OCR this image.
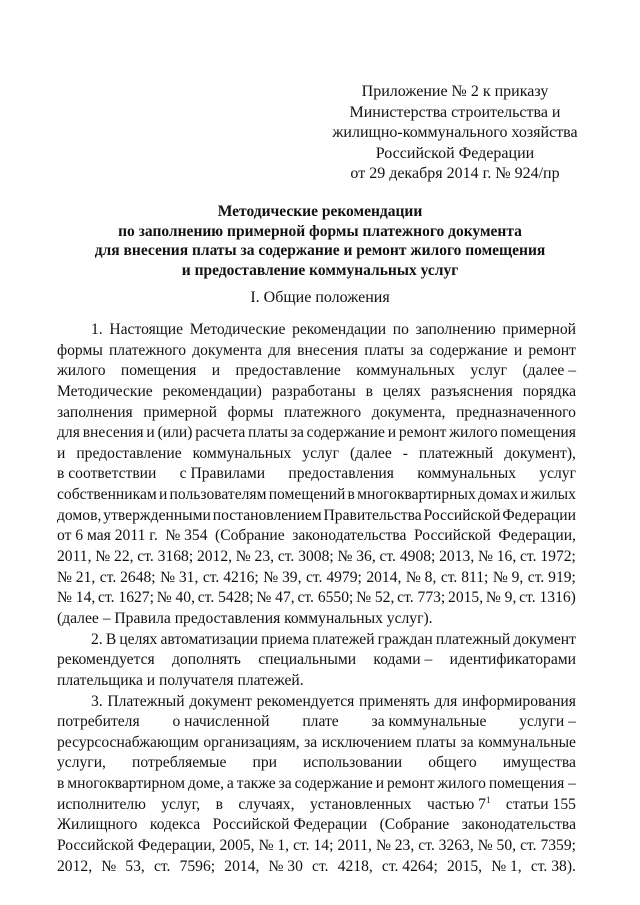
Приложение № 2 к приказу
Министерства строительства и
жилищно-коммунального хозяйства
Российской Федерации
от 29 декабря 2014 г. № 924/пр
Методические рекомендации
по заполнению примерной формы платежного документа
для внесения платы за содержание и ремонт жилого помещения
и предоставление коммунальных услуг
I. Общие положения
1. Настоящие Методические рекомендации по заполнению примерной
формы платежного документа для внесения платы за содержание и ремонт
жилого помещения и предоставление коммунальных услуг (далее –
Методические рекомендации) разработаны в целях разъяснения порядка
заполнения примерной формы платежного документа, предназначенного
для внесения и (или) расчета платы за содержание и ремонт жилого помещения
и предоставление коммунальных услуг (далее - платежный документ),
в соответствии с Правилами предоставления коммунальных услуг
собственникам и пользователям помещений в многоквартирных домах и жилых
домов, утвержденными постановлением Правительства Российской Федерации
от 6 мая 2011 г. № 354 (Собрание законодательства Российской Федерации,
2011, № 22, ст. 3168; 2012, № 23, ст. 3008; № 36, ст. 4908; 2013, № 16, ст. 1972;
№ 21, ст. 2648; № 31, ст. 4216; № 39, ст. 4979; 2014, № 8, ст. 811; № 9, ст. 919;
№ 14, ст. 1627; № 40, ст. 5428; № 47, ст. 6550; № 52, ст. 773; 2015, № 9, ст. 1316)
(далее – Правила предоставления коммунальных услуг).
2. В целях автоматизации приема платежей граждан платежный документ
рекомендуется дополнять специальными кодами – идентификаторами
плательщика и получателя платежей.
3. Платежный документ рекомендуется применять для информирования
потребителя о начисленной плате за коммунальные услуги –
ресурсоснабжающим организациям, за исключением платы за коммунальные
услуги, потребляемые при использовании общего имущества
в многоквартирном доме, а также за содержание и ремонт жилого помещения –
исполнителю услуг, в случаях, установленных частью $7^1$ статьи 155
Жилищного кодекса Российской Федерации (Собрание законодательства
Российской Федерации, 2005, № 1, ст. 14; 2011, № 23, ст. 3263, № 50, ст. 7359;
2012, № 53, ст. 7596; 2014, № 30 ст. 4218, ст. 4264; 2015, № 1, ст. 38).
